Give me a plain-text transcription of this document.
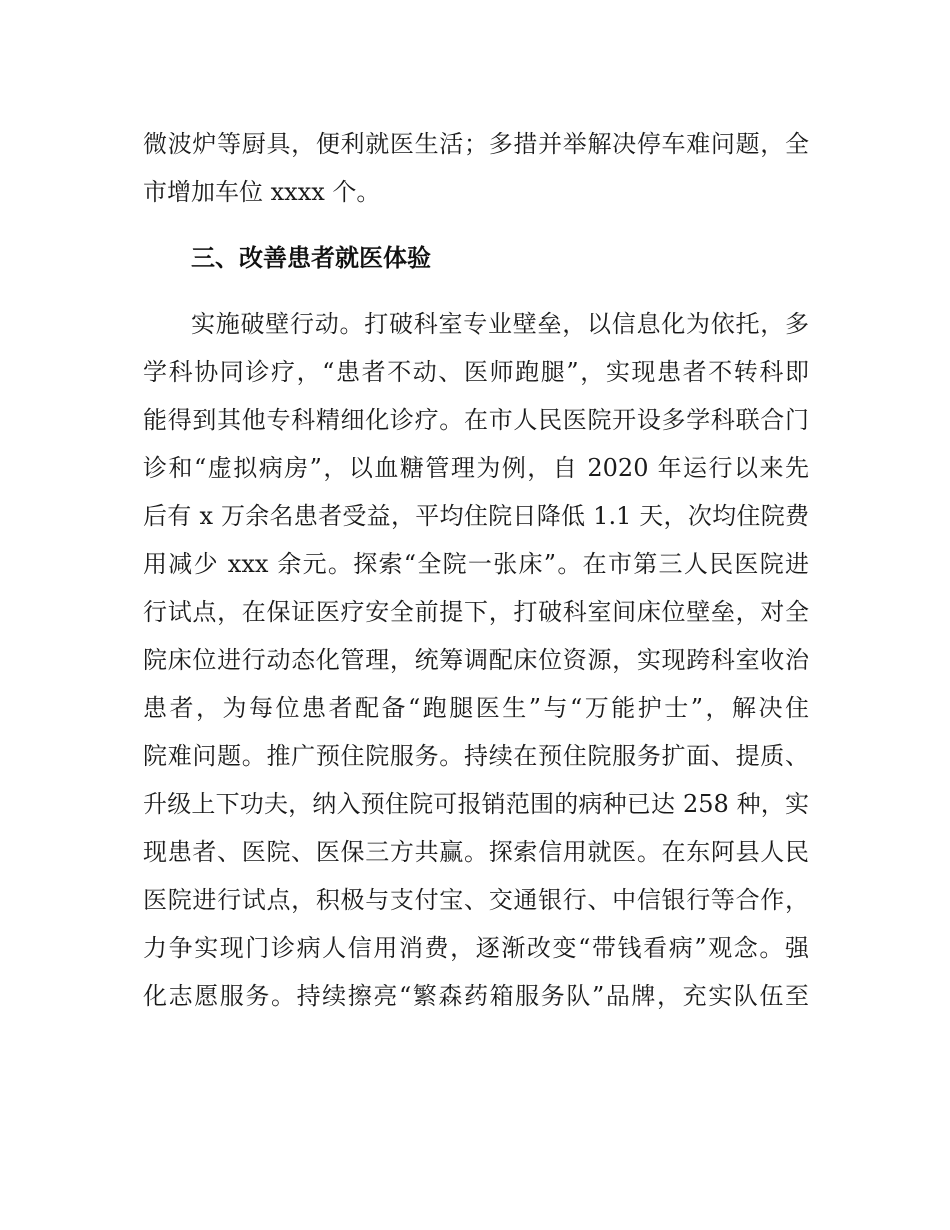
微波炉等厨具，便利就医生活；多措并举解决停车难问题，全
市增加车位 xxxx 个。
三、改善患者就医体验
实施破壁行动。打破科室专业壁垒，以信息化为依托，多
学科协同诊疗，“患者不动、医师跑腿”，实现患者不转科即
能得到其他专科精细化诊疗。在市人民医院开设多学科联合门
诊和“虚拟病房”，以血糖管理为例，自 2020 年运行以来先
后有 x 万余名患者受益，平均住院日降低 1.1 天，次均住院费
用减少 xxx 余元。探索“全院一张床”。在市第三人民医院进
行试点，在保证医疗安全前提下，打破科室间床位壁垒，对全
院床位进行动态化管理，统筹调配床位资源，实现跨科室收治
患者，为每位患者配备“跑腿医生”与“万能护士”，解决住
院难问题。推广预住院服务。持续在预住院服务扩面、提质、
升级上下功夫，纳入预住院可报销范围的病种已达 258 种，实
现患者、医院、医保三方共赢。探索信用就医。在东阿县人民
医院进行试点，积极与支付宝、交通银行、中信银行等合作，
力争实现门诊病人信用消费，逐渐改变“带钱看病”观念。强
化志愿服务。持续擦亮“繁森药箱服务队”品牌，充实队伍至
